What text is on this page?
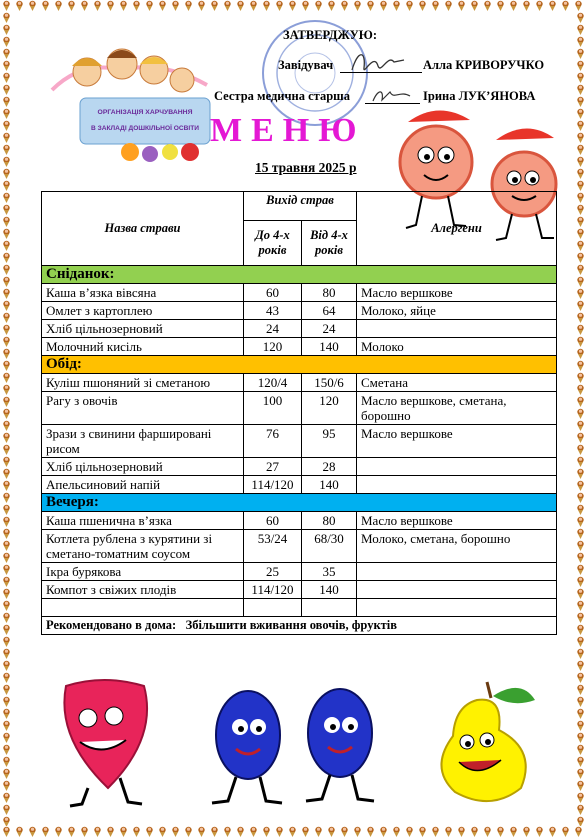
ЗАТВЕРДЖУЮ:
Завідувач	Алла КРИВОРУЧКО
Сестра медична старша	Ірина ЛУК’ЯНОВА
ОРГАНІЗАЦІЯ ХАРЧУВАННЯ
В ЗАКЛАДІ ДОШКІЛЬНОЇ ОСВІТИ МЕНЮ
15 травня 2025 р
Назва страви	Вихід страв		Алергени
	До 4-х років	Від 4-х років	
Сніданок:			
Каша в’язка вівсяна	60	80	Масло вершкове
Омлет з картоплею	43	64	Молоко, яйце
Хліб цільнозерновий	24	24	
Молочний кисіль	120	140	Молоко
Обід:			
Куліш пшоняний зі сметаною	120/4	150/6	Сметана
Рагу з овочів	100	120	Масло вершкове, сметана, борошно
Зрази з свинини фаршировані рисом	76	95	Масло вершкове
Хліб цільнозерновий	27	28	
Апельсиновий напій	114/120	140	
Вечеря:			
Каша пшенична в’язка	60	80	Масло вершкове
Котлета рублена з курятини зі сметано-томатним соусом	53/24	68/30	Молоко, сметана, борошно
Ікра бурякова	25	35	
Компот з свіжих плодів	114/120	140	

Рекомендовано в дома:   Збільшити вживання овочів, фруктів			
